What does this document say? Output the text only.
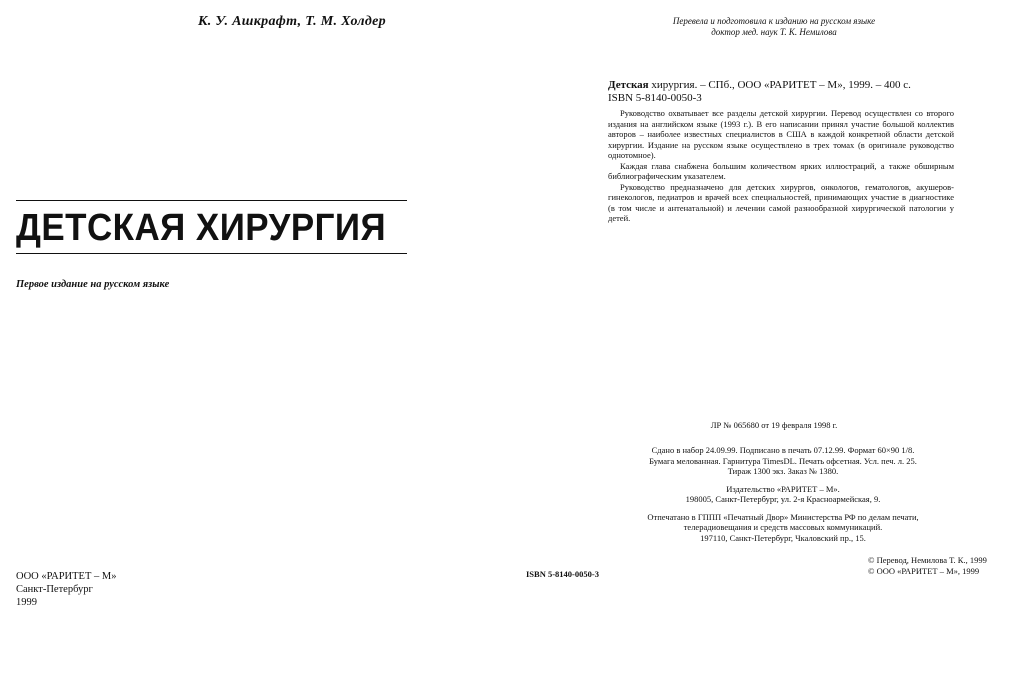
К. У. Ашкрафт, Т. М. Холдер
ДЕТСКАЯ ХИРУРГИЯ
Первое издание на русском языке
ООО «РАРИТЕТ – М»
Санкт-Петербург
1999
Перевела и подготовила к изданию на русском языке
доктор мед. наук Т. К. Немилова
Детская хирургия. – СПб., ООО «РАРИТЕТ – М», 1999. – 400 с.
ISBN 5-8140-0050-3

Руководство охватывает все разделы детской хирургии. Перевод осуществлен со второго издания на английском языке (1993 г.). В его написании принял участие большой коллектив авторов – наиболее известных специалистов в США в каждой конкретной области детской хирургии. Издание на русском языке осуществлено в трех томах (в оригинале руководство однотомное).

Каждая глава снабжена большим количеством ярких иллюстраций, а также обширным библиографическим указателем.

Руководство предназначено для детских хирургов, онкологов, гематологов, акушеров-гинекологов, педиатров и врачей всех специальностей, принимающих участие в диагностике (в том числе и антенатальной) и лечении самой разнообразной хирургической патологии у детей.

ЛР № 065680 от 19 февраля 1998 г.
Сдано в набор 24.09.99. Подписано в печать 07.12.99. Формат 60×90 1/8.
Бумага мелованная. Гарнитура TimesDL. Печать офсетная. Усл. печ. л. 25.
Тираж 1300 экз. Заказ № 1380.
Издательство «РАРИТЕТ – М».
198005, Санкт-Петербург, ул. 2-я Красноармейская, 9.
Отпечатано в ГППП «Печатный Двор» Министерства РФ по делам печати,
телерадиовещания и средств массовых коммуникаций.
197110, Санкт-Петербург, Чкаловский пр., 15.
ISBN 5-8140-0050-3
© Перевод, Немилова Т. К., 1999
© ООО «РАРИТЕТ – М», 1999
